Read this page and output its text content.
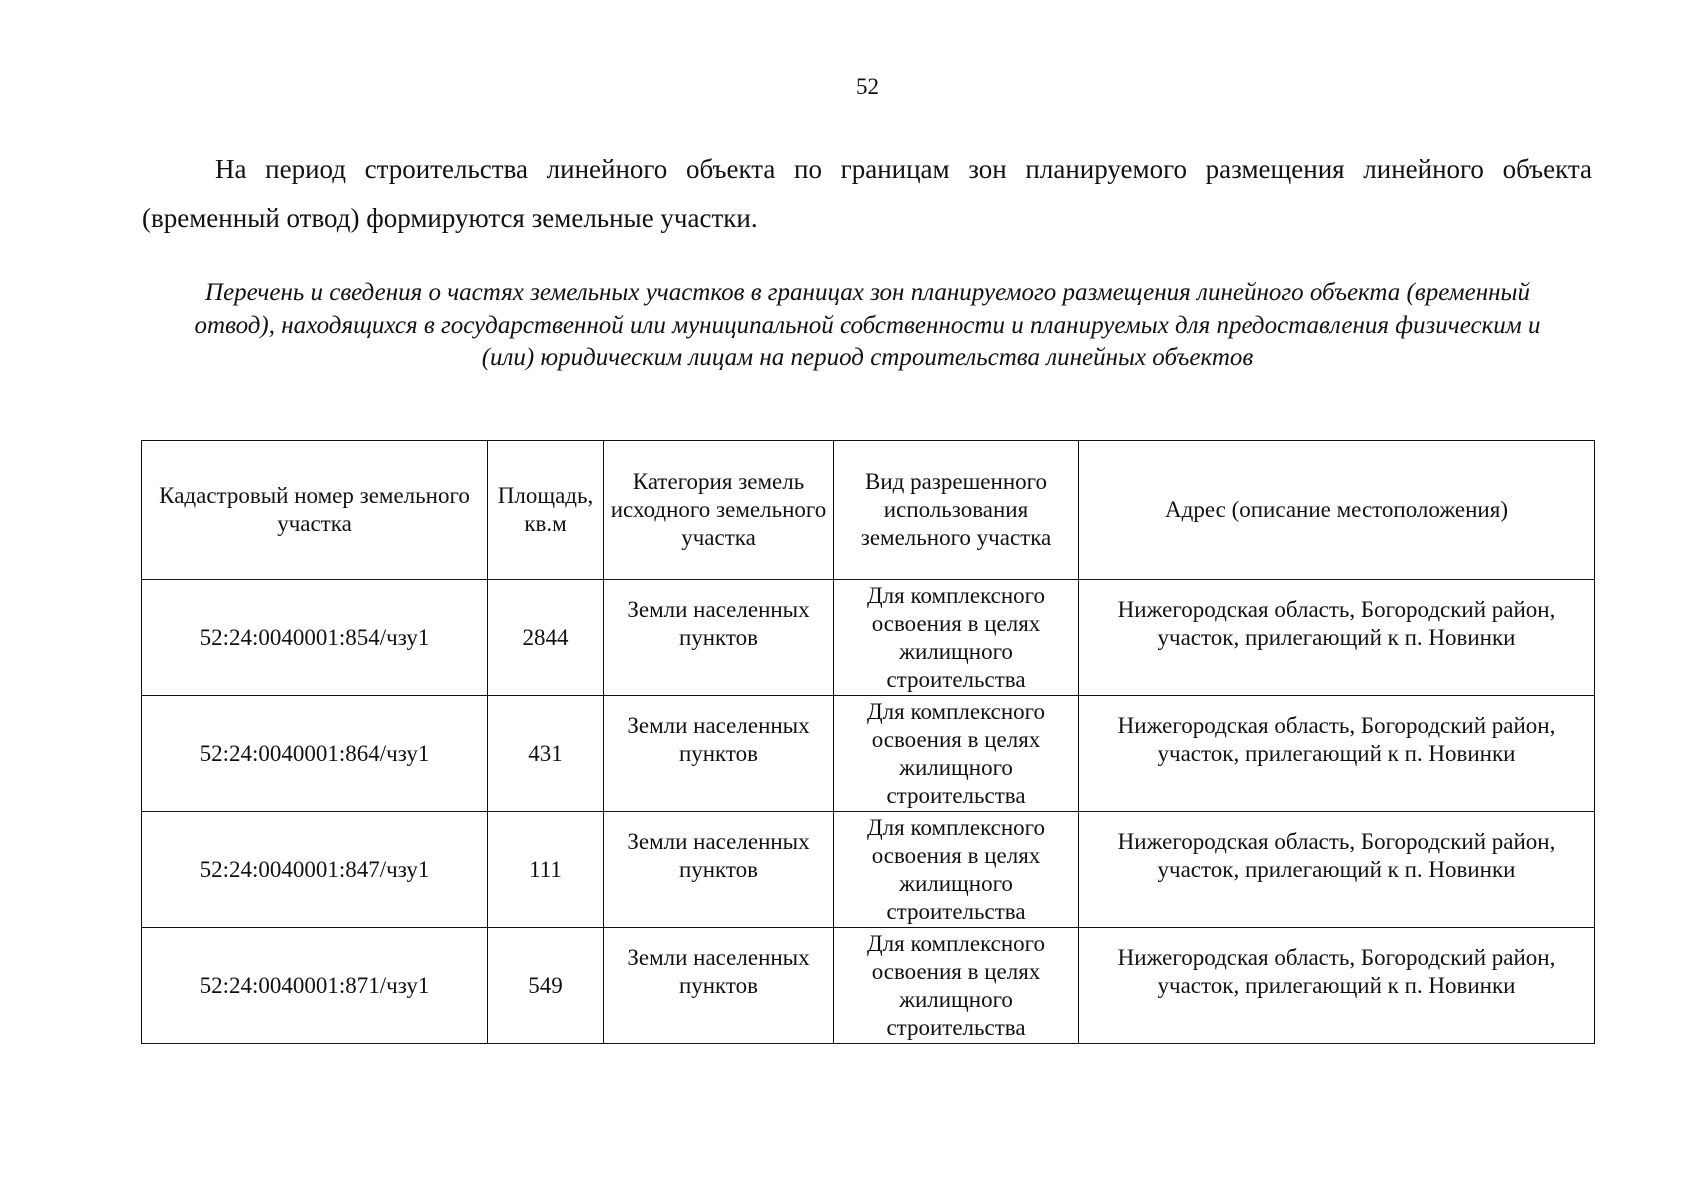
52

На период строительства линейного объекта по границам зон планируемого размещения линейного объекта (временный отвод) формируются земельные участки.

Перечень и сведения о частях земельных участков в границах зон планируемого размещения линейного объекта (временный отвод), находящихся в государственной или муниципальной собственности и планируемых для предоставления физическим и (или) юридическим лицам на период строительства линейных объектов

Кадастровый номер земельного участка	Площадь, кв.м	Категория земель исходного земельного участка	Вид разрешенного использования земельного участка	Адрес (описание местоположения)
52:24:0040001:854/чзу1	2844	Земли населенных пунктов	Для комплексного освоения в целях жилищного строительства	Нижегородская область, Богородский район, участок, прилегающий к п. Новинки

52:24:0040001:864/чзу1	431	Земли населенных пунктов	Для комплексного освоения в целях жилищного строительства	Нижегородская область, Богородский район, участок, прилегающий к п. Новинки

52:24:0040001:847/чзу1	111	Земли населенных пунктов	Для комплексного освоения в целях жилищного строительства	Нижегородская область, Богородский район, участок, прилегающий к п. Новинки

52:24:0040001:871/чзу1	549	Земли населенных пунктов	Для комплексного освоения в целях жилищного строительства	Нижегородская область, Богородский район, участок, прилегающий к п. Новинки
